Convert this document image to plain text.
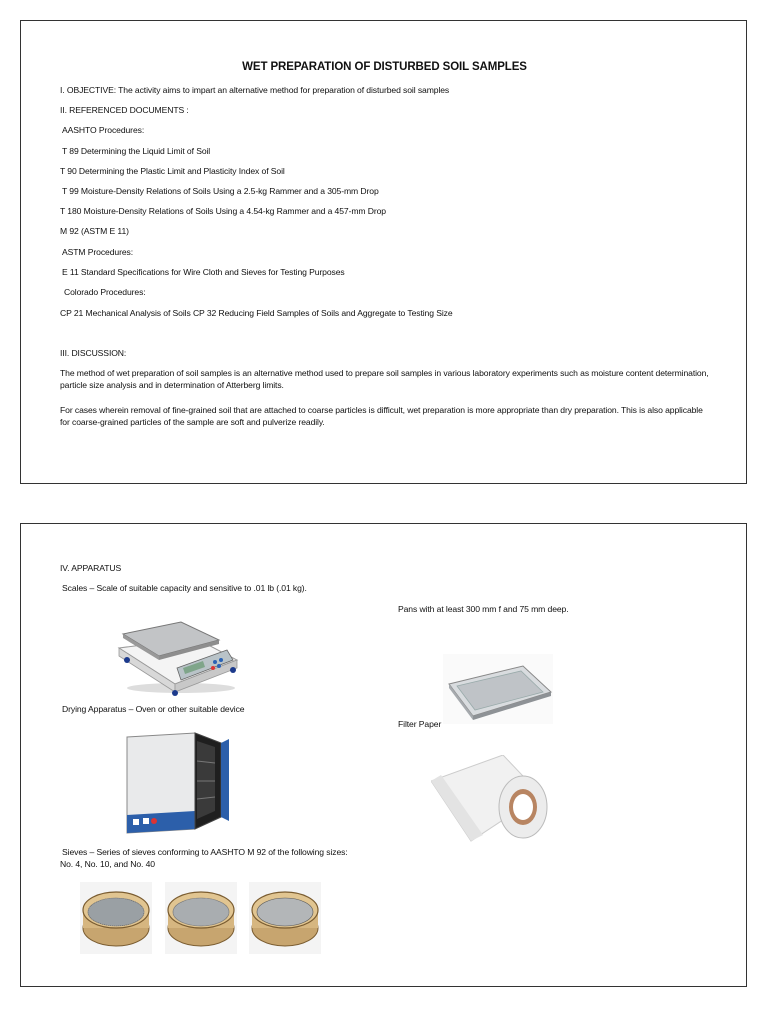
WET PREPARATION OF DISTURBED SOIL SAMPLES
I. OBJECTIVE: The activity aims to impart an alternative method for preparation of disturbed soil samples
II. REFERENCED DOCUMENTS :
AASHTO Procedures:
T 89 Determining the Liquid Limit of Soil
T 90 Determining the Plastic Limit and Plasticity Index of Soil
T 99 Moisture-Density Relations of Soils Using a 2.5-kg Rammer and a 305-mm Drop
T 180 Moisture-Density Relations of Soils Using a 4.54-kg Rammer and a 457-mm Drop
M 92 (ASTM E 11)
ASTM Procedures:
E 11 Standard Specifications for Wire Cloth and Sieves for Testing Purposes
Colorado Procedures:
CP 21 Mechanical Analysis of Soils CP 32 Reducing Field Samples of Soils and Aggregate to Testing Size
III. DISCUSSION:
The method of wet preparation of soil samples is an alternative method used to prepare soil samples in various laboratory experiments such as moisture content determination, particle size analysis and in determination of Atterberg limits.
For cases wherein removal of fine-grained soil that are attached to coarse particles is difficult, wet preparation is more appropriate than dry preparation. This is also applicable for coarse-grained particles of the sample are soft and pulverize readily.
IV. APPARATUS
Scales – Scale of suitable capacity and sensitive to .01 lb (.01 kg).
Pans with at least 300 mm f and 75 mm deep.
Drying Apparatus – Oven or other suitable device
Filter Paper
Sieves – Series of sieves conforming to AASHTO M 92 of the following sizes:
No. 4, No. 10, and No. 40
